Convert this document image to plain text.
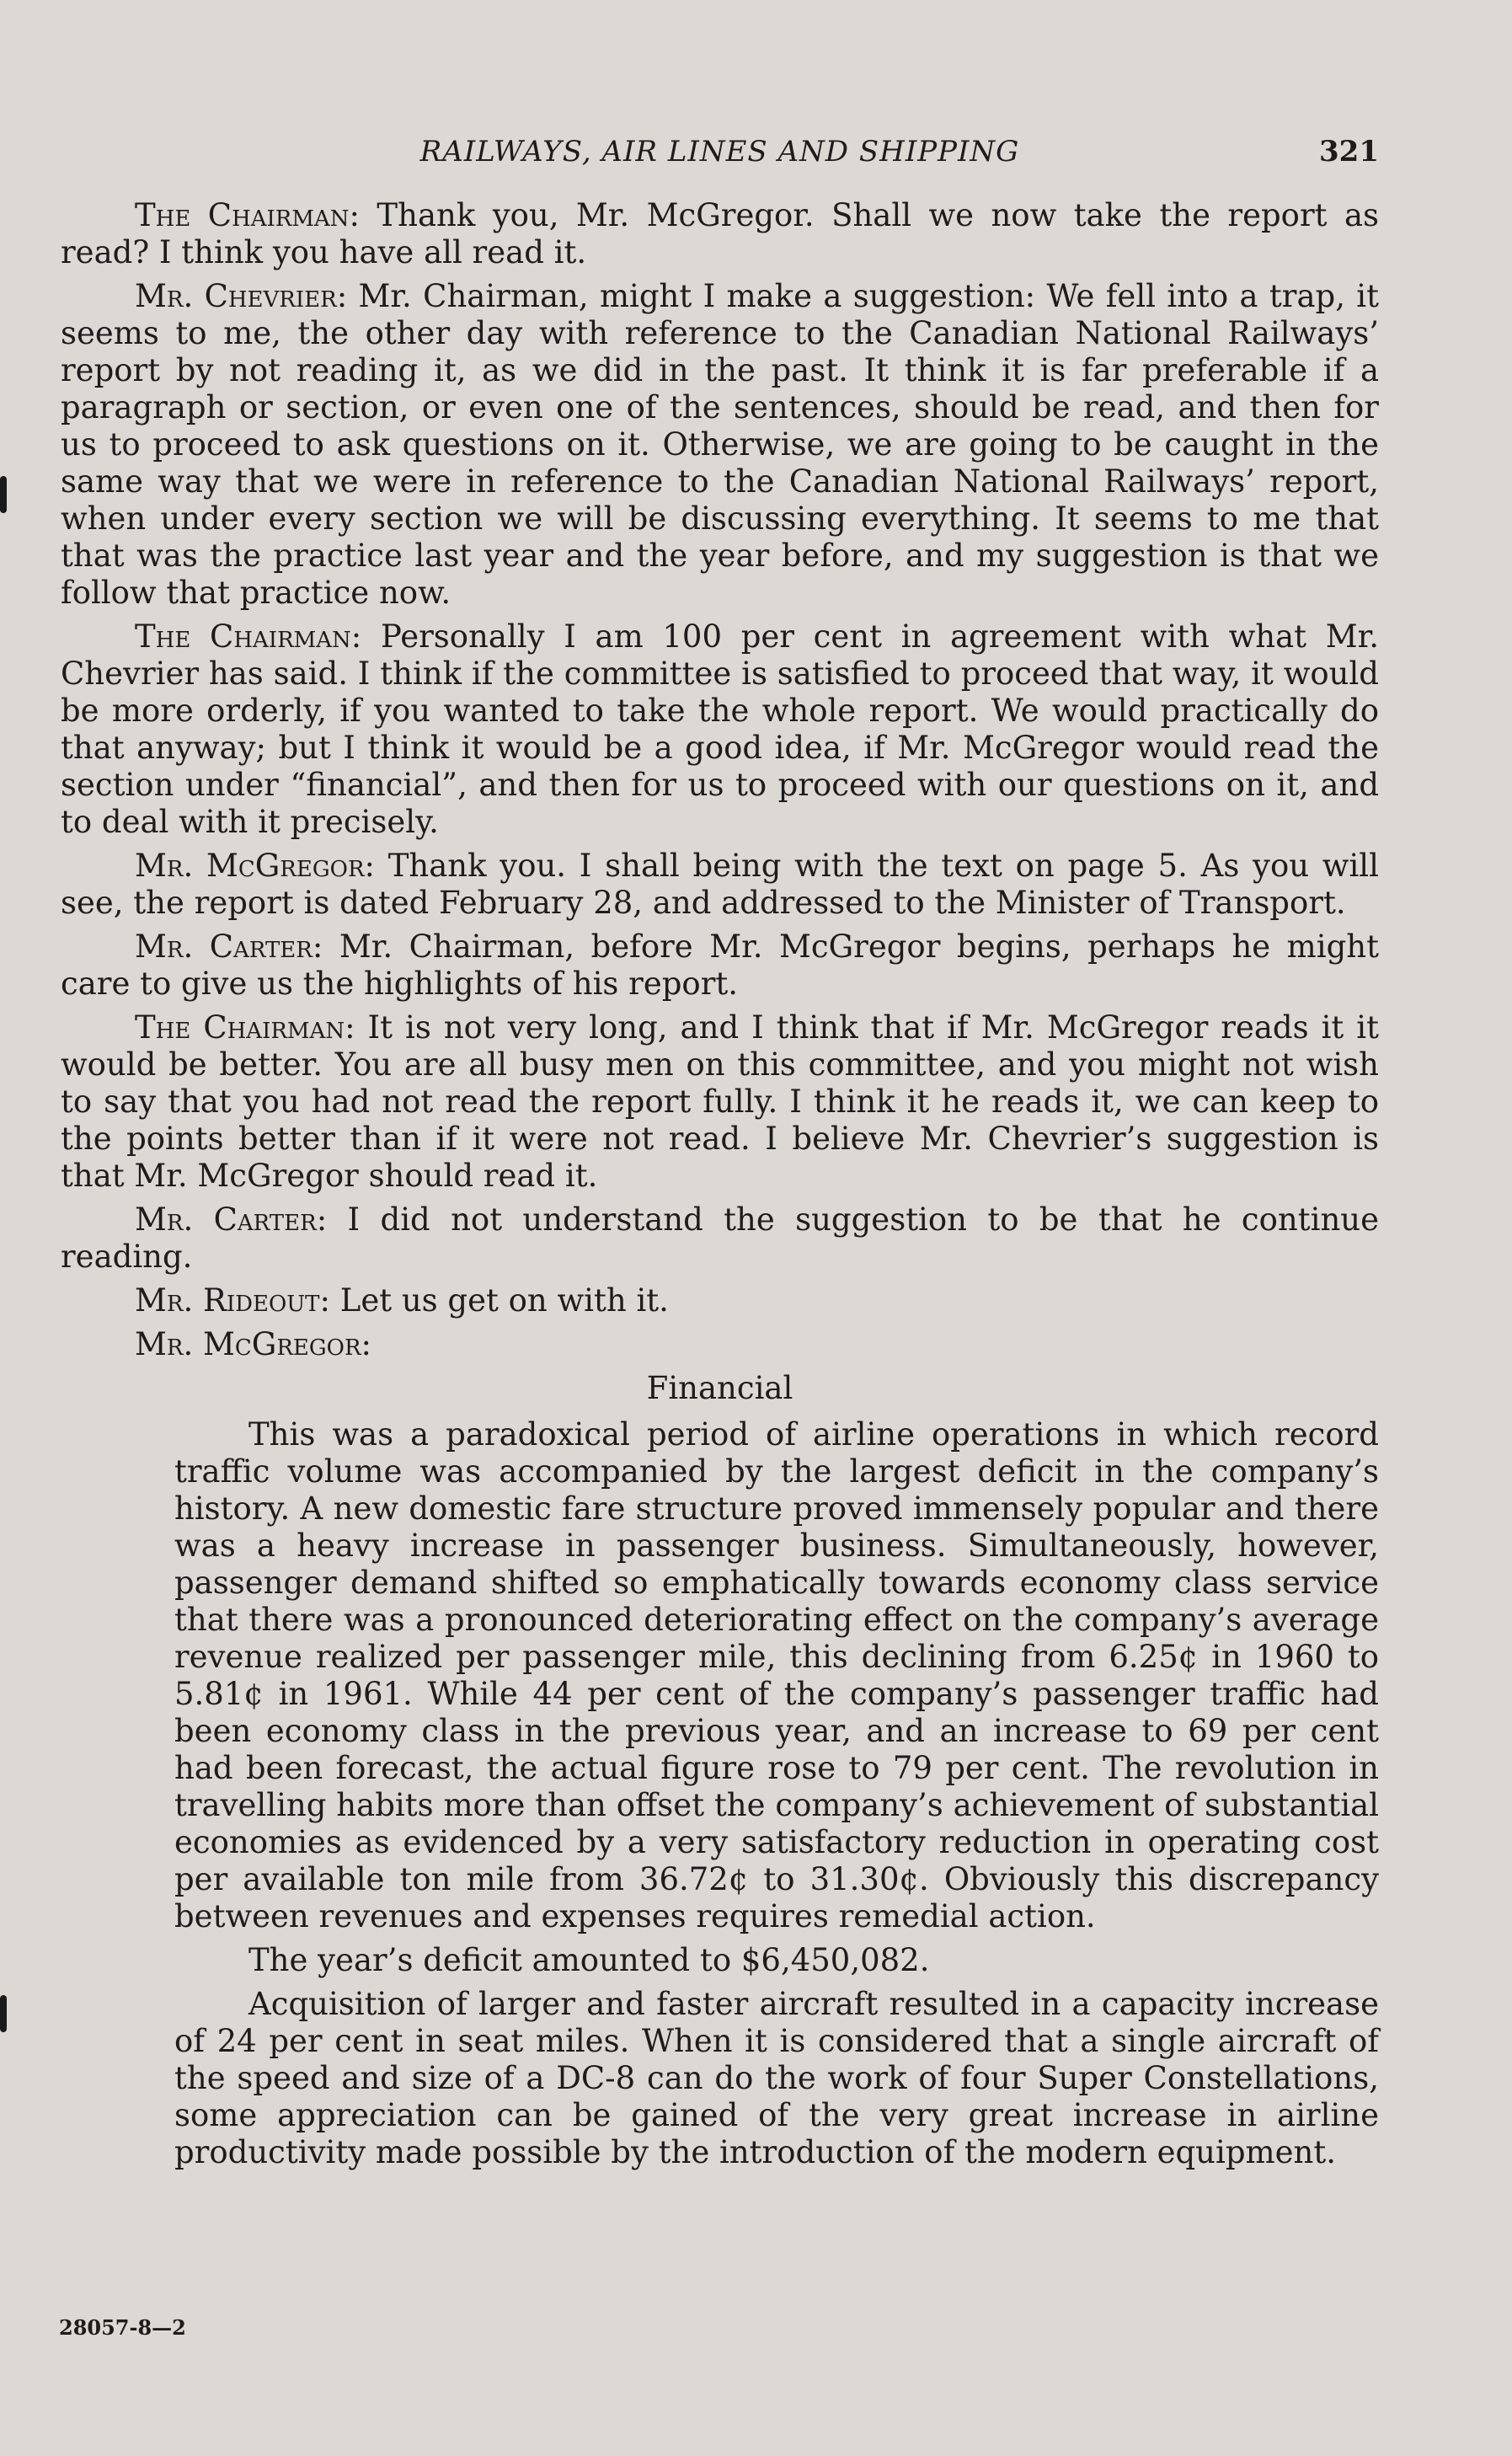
RAILWAYS, AIR LINES AND SHIPPING	321

The Chairman: Thank you, Mr. McGregor. Shall we now take the report as read? I think you have all read it.

Mr. Chevrier: Mr. Chairman, might I make a suggestion: We fell into a trap, it seems to me, the other day with reference to the Canadian National Railways’ report by not reading it, as we did in the past. It think it is far preferable if a paragraph or section, or even one of the sentences, should be read, and then for us to proceed to ask questions on it. Otherwise, we are going to be caught in the same way that we were in reference to the Canadian National Railways’ report, when under every section we will be discussing everything. It seems to me that that was the practice last year and the year before, and my suggestion is that we follow that practice now.

The Chairman: Personally I am 100 per cent in agreement with what Mr. Chevrier has said. I think if the committee is satisfied to proceed that way, it would be more orderly, if you wanted to take the whole report. We would practically do that anyway; but I think it would be a good idea, if Mr. McGregor would read the section under “financial”, and then for us to proceed with our questions on it, and to deal with it precisely.

Mr. McGregor: Thank you. I shall being with the text on page 5. As you will see, the report is dated February 28, and addressed to the Minister of Transport.

Mr. Carter: Mr. Chairman, before Mr. McGregor begins, perhaps he might care to give us the highlights of his report.

The Chairman: It is not very long, and I think that if Mr. McGregor reads it it would be better. You are all busy men on this committee, and you might not wish to say that you had not read the report fully. I think it he reads it, we can keep to the points better than if it were not read. I believe Mr. Chevrier’s suggestion is that Mr. McGregor should read it.

Mr. Carter: I did not understand the suggestion to be that he continue reading.

Mr. Rideout: Let us get on with it.

Mr. McGregor:

Financial

This was a paradoxical period of airline operations in which record traffic volume was accompanied by the largest deficit in the company’s history. A new domestic fare structure proved immensely popular and there was a heavy increase in passenger business. Simultaneously, however, passenger demand shifted so emphatically towards economy class service that there was a pronounced deteriorating effect on the company’s average revenue realized per passenger mile, this declining from 6.25¢ in 1960 to 5.81¢ in 1961. While 44 per cent of the company’s passenger traffic had been economy class in the previous year, and an increase to 69 per cent had been forecast, the actual figure rose to 79 per cent. The revolution in travelling habits more than offset the company’s achievement of substantial economies as evidenced by a very satisfactory reduction in operating cost per available ton mile from 36.72¢ to 31.30¢. Obviously this discrepancy between revenues and expenses requires remedial action.

The year’s deficit amounted to $6,450,082.

Acquisition of larger and faster aircraft resulted in a capacity increase of 24 per cent in seat miles. When it is considered that a single aircraft of the speed and size of a DC-8 can do the work of four Super Constellations, some appreciation can be gained of the very great increase in airline productivity made possible by the introduction of the modern equipment.

28057-8—2
